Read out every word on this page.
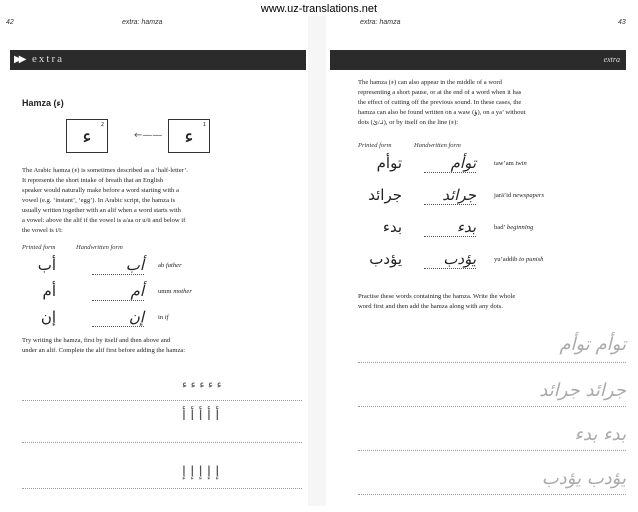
www.uz-translations.net
42	extra: hamza
▶▶ extra
Hamza (ء)
2
ء	←——
1
ء
The Arabic hamza (ء) is sometimes described as a ‘half-letter’.
It represents the short intake of breath that an English
speaker would naturally make before a word starting with a
vowel (e.g. ‘instant’, ‘egg’). In Arabic script, the hamza is
usually written together with an alif when a word starts with
a vowel: above the alif if the vowel is a/aa or u/ū and below if
the vowel is i/ī:
Printed form	Handwritten form
أب	أب ab father
أم	أم umm mother
إن	إن in if
Try writing the hamza, first by itself and then above and
under an alif. Complete the alif first before adding the hamza:
ء ء ء ء ء
أ أ أ أ أ
إ إ إ إ إ
extra: hamza	43
extra
The hamza (ء) can also appear in the middle of a word
representing a short pause, or at the end of a word when it has
the effect of cutting off the previous sound. In these cases, the
hamza can also be found written on a waw (ؤ), on a ya’ without
dots (ئـ/ئ), or by itself on the line (ء):
Printed form	Handwritten form
توأم	توأم	taw’am twin
جرائد	جرائد	jarā’id newspapers
بدء	بدء	bad’ beginning
يؤدب	يؤدب	yu’addib to punish
Practise these words containing the hamza. Write the whole
word first and then add the hamza along with any dots.
توأم توأم
جرائد جرائد
بدء بدء
يؤدب يؤدب
